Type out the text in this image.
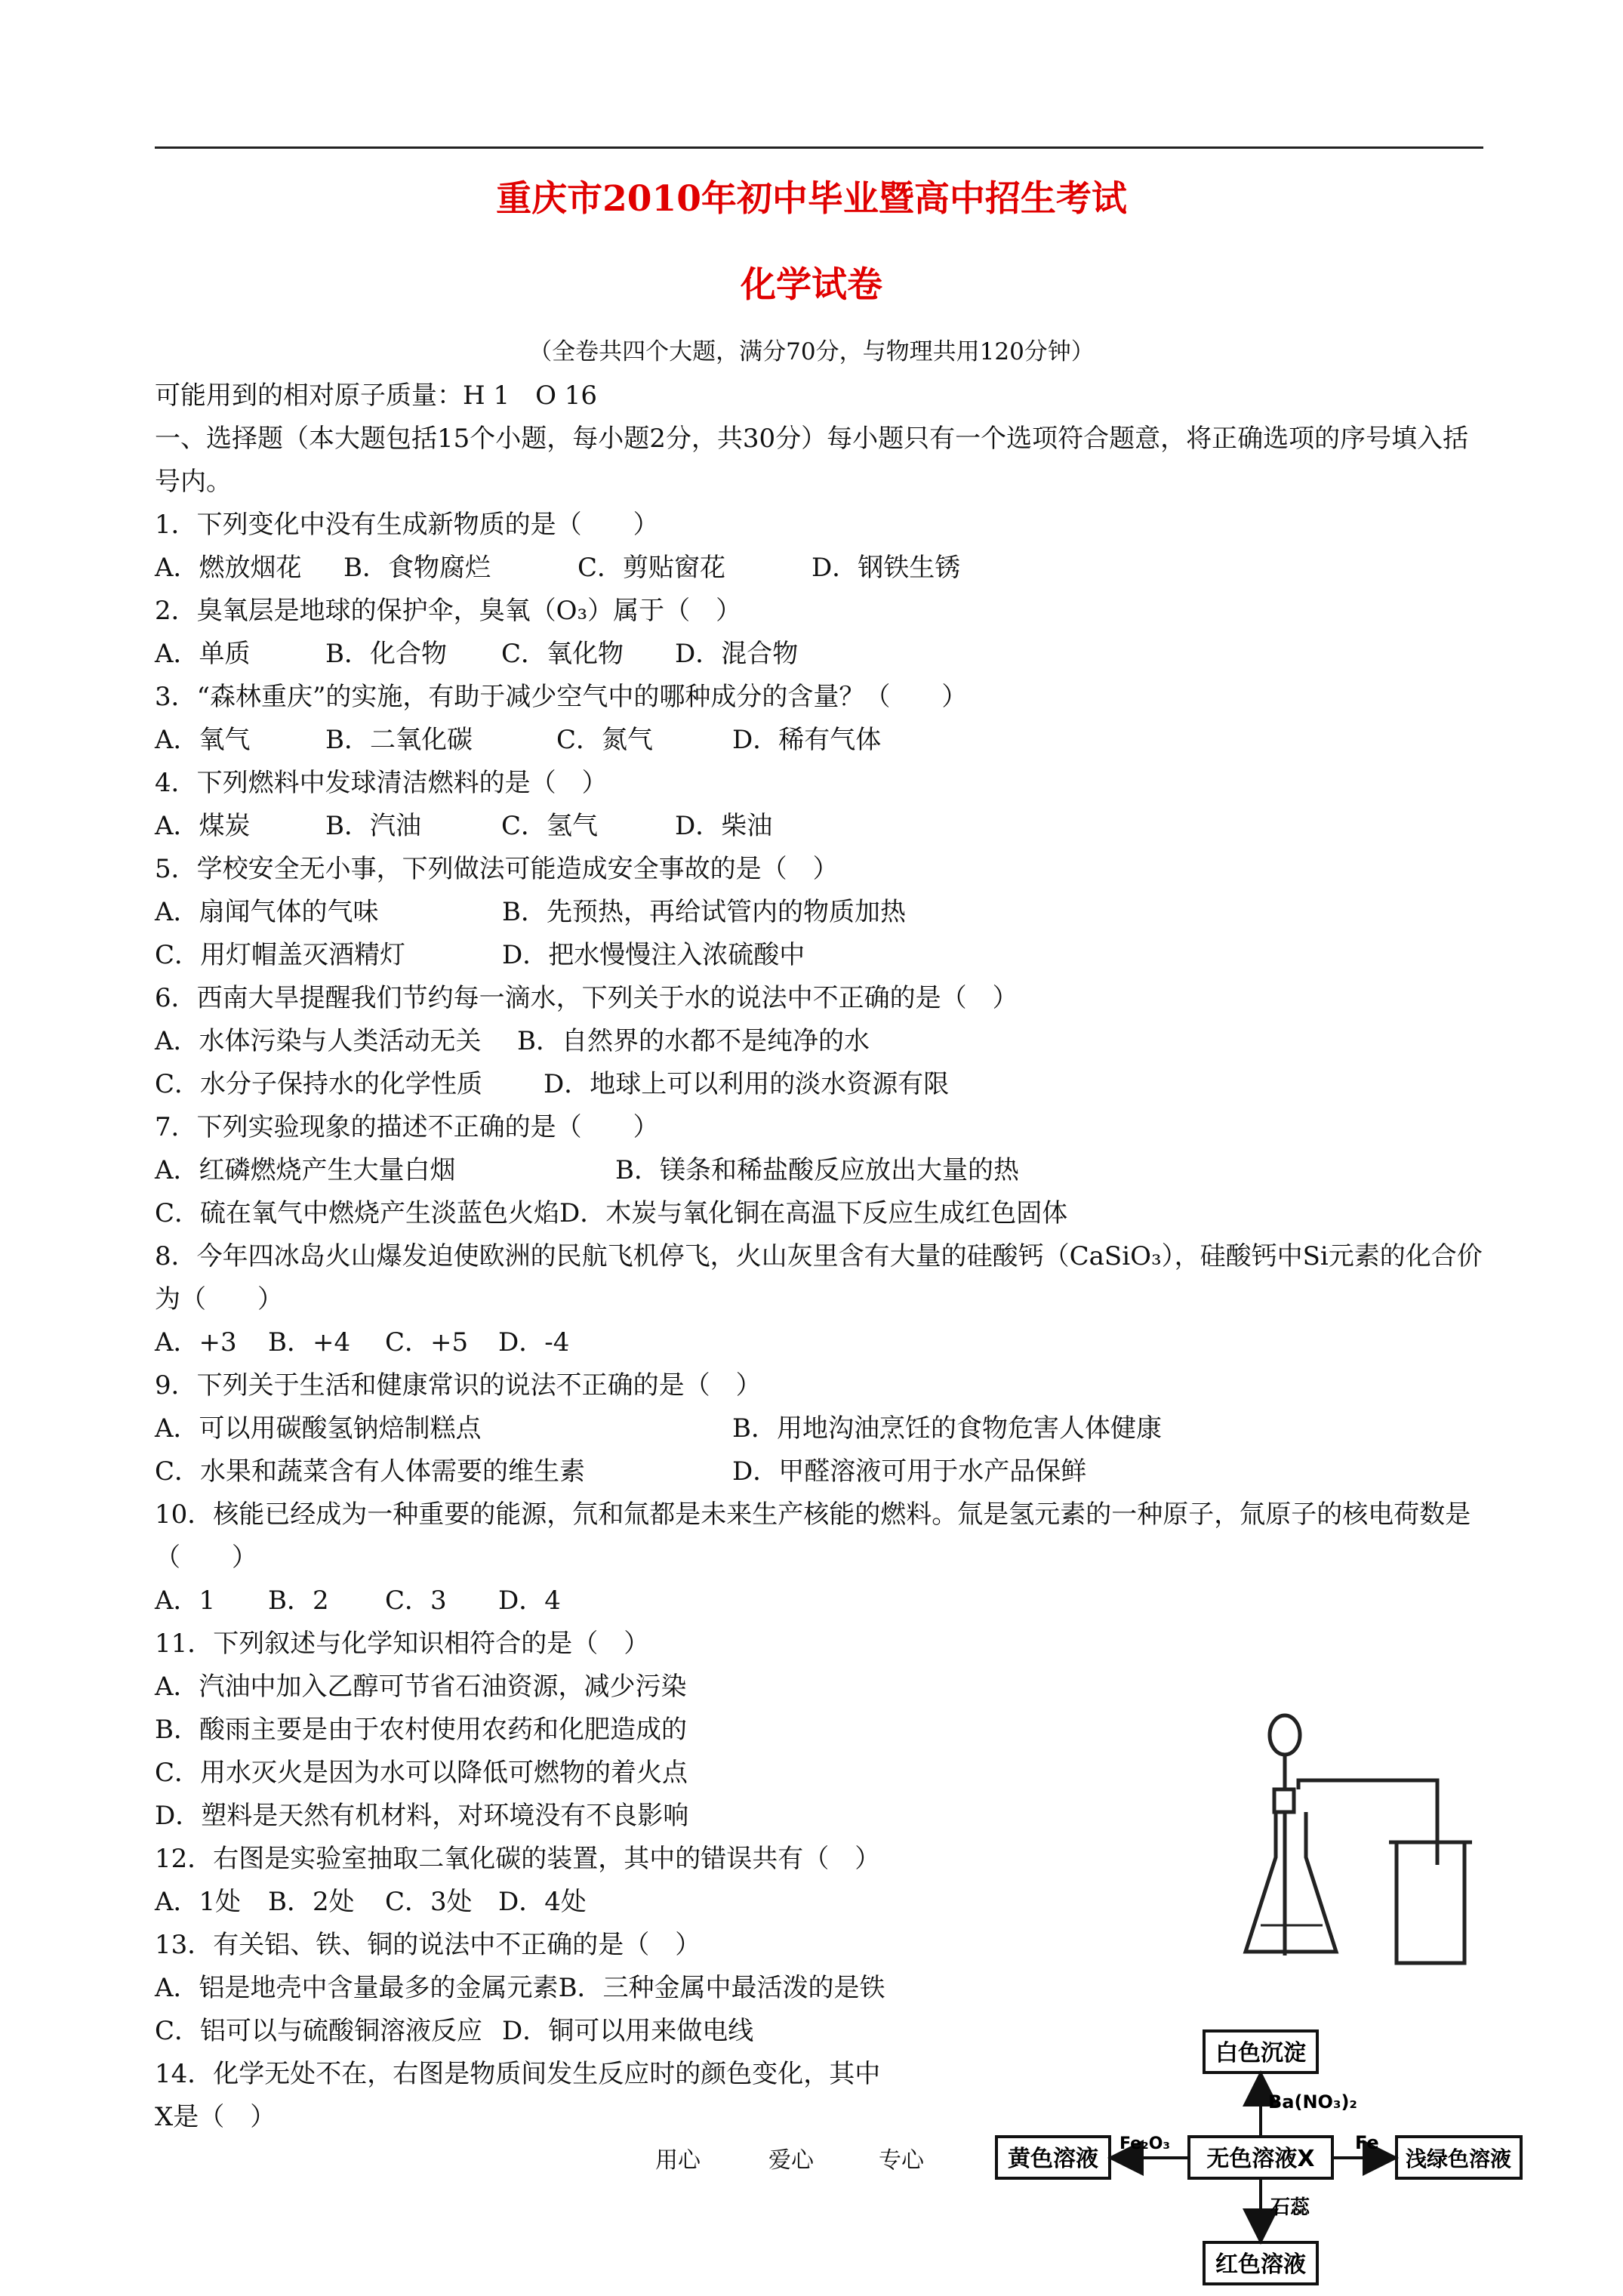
重庆市2010年初中毕业暨高中招生考试
化学试卷
（全卷共四个大题，满分70分，与物理共用120分钟）
可能用到的相对原子质量：H 1　O 16
一、选择题（本大题包括15个小题，每小题2分，共30分）每小题只有一个选项符合题意，将正确选项的序号填入括号内。
1．下列变化中没有生成新物质的是（　　）
A．燃放烟花 B．食物腐烂	C．剪贴窗花	D．钢铁生锈
2．臭氧层是地球的保护伞，臭氧（O₃）属于（　）
A．单质	B．化合物 C．氧化物 D．混合物
3．“森林重庆”的实施，有助于减少空气中的哪种成分的含量？（　　）
A．氧气	B．二氧化碳	C．氮气	D．稀有气体
4．下列燃料中发球清洁燃料的是（　）
A．煤炭	B．汽油	C．氢气	D．柴油
5．学校安全无小事，下列做法可能造成安全事故的是（　）
A．扇闻气体的气味	B．先预热，再给试管内的物质加热
C．用灯帽盖灭酒精灯	D．把水慢慢注入浓硫酸中
6．西南大旱提醒我们节约每一滴水，下列关于水的说法中不正确的是（　）
A．水体污染与人类活动无关 B．自然界的水都不是纯净的水
C．水分子保持水的化学性质 D．地球上可以利用的淡水资源有限
7．下列实验现象的描述不正确的是（　　）
A．红磷燃烧产生大量白烟	B．镁条和稀盐酸反应放出大量的热
C．硫在氧气中燃烧产生淡蓝色火焰D．木炭与氧化铜在高温下反应生成红色固体
8．今年四冰岛火山爆发迫使欧洲的民航飞机停飞，火山灰里含有大量的硅酸钙（CaSiO₃），硅酸钙中Si元素的化合价为（　　）
A．+3 B．+4 C．+5 D．-4
9．下列关于生活和健康常识的说法不正确的是（　）
A．可以用碳酸氢钠焙制糕点	B．用地沟油烹饪的食物危害人体健康
C．水果和蔬菜含有人体需要的维生素	D．甲醛溶液可用于水产品保鲜
10．核能已经成为一种重要的能源，氘和氚都是未来生产核能的燃料。氚是氢元素的一种原子，氚原子的核电荷数是（　　）
A．1 B．2 C．3 D．4
11．下列叙述与化学知识相符合的是（　）
A．汽油中加入乙醇可节省石油资源，减少污染
B．酸雨主要是由于农村使用农药和化肥造成的
C．用水灭火是因为水可以降低可燃物的着火点
D．塑料是天然有机材料，对环境没有不良影响
12．右图是实验室抽取二氧化碳的装置，其中的错误共有（　）
A．1处 B．2处 C．3处 D．4处
13．有关铝、铁、铜的说法中不正确的是（　）
A．铝是地壳中含量最多的金属元素B．三种金属中最活泼的是铁
C．铝可以与硫酸铜溶液反应 D．铜可以用来做电线
14．化学无处不在，右图是物质间发生反应时的颜色变化，其中
X是（　）
用心	爱心	专心
白色沉淀
Ba(NO₃)₂
无色溶液X
黄色溶液
Fe₂O₃
浅绿色溶液
Fe
红色溶液
石蕊
